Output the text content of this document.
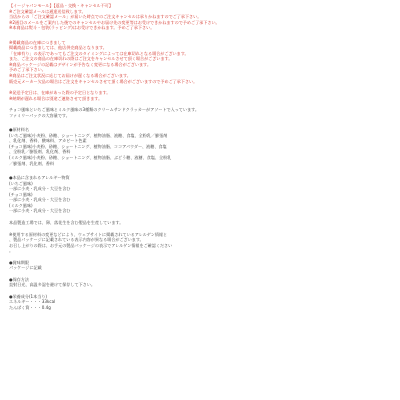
【イージャパンモール】【返品・交換・キャンセル不可】
※ご注文確認メールは通達送信致します。
当店からの「ご注文確認メール」が届いた時点でのご注文キャンセルは承りかねますのでご了承下さい。
※2通目のメールをご案内した後でのキャンセルやお届け先の変更等はお受けできかねますので予めご了承下さい。
※本商品は熨斗・包装(ラッピング)はお受けできかねます。予めご了承下さい。
※掲載商品の在庫につきまして
掲載商品につきましては、他店併売商品となります。
「在庫有り」の表示であってもご注文のタイミングによっては在庫切れとなる場合がございます。
また、ご注文の商品の在庫切れの際はご注文をキャンセルさせて頂く場合がございます。
※商品パッケージの記載はデザインが予告なく変更になる場合がございます。
予めご了承下さい。
※商品はご注文状況に応じてお届けが遅くなる場合がございます。
販売元メーカー欠品の場合はご注文をキャンセルさせて頂く場合がございますので予めご了承下さい。
※発送予定日は、在庫があった際の予定日となります。
※納期が遅れる場合は別途ご連絡させて頂きます。
チョコ風味といちご風味とミルク風味の3種類のクリームサンドクラッカーがアソートで入っています。
ファミリーパックの大容量です。
●原材料名
(いちご風味)小麦粉、砂糖、ショートニング、植物油脂、液糖、食塩、全粉乳／膨張剤
、乳化剤、香料、酸味料、アカビート色素
(チョコ風味)小麦粉、砂糖、ショートニング、植物油脂、ココアパウダー、液糖、食塩
、全粉乳／膨張剤、乳化剤、香料
(ミルク風味)小麦粉、砂糖、ショートニング、植物油脂、ぶどう糖、液糖、食塩、全粉乳
／膨張剤、乳化剤、香料
●本品に含まれるアレルギー物質
(いちご風味)
一部に小麦・乳成分・大豆を含む
(チョコ風味)
一部に小麦・乳成分・大豆を含む
(ミルク風味)
一部に小麦・乳成分・大豆を含む
本品製造工場では、卵、落花生を含む製品を生産しています。
※使用する原材料の変更などにより、ウェブサイトに掲載されているアレルゲン情報と
、製品パッケージに記載されている表示内容が異なる場合がございます。
お召し上がりの際は、お手元の製品パッケージの表示でアレルゲン情報をご確認ください
。
●賞味期限
パッケージに記載
●保存方法
直射日光、高温多湿を避けて保存して下さい。
●栄養成分(1本当り)
エネルギー・・・33kcal
たんぱく質・・・0.4g
